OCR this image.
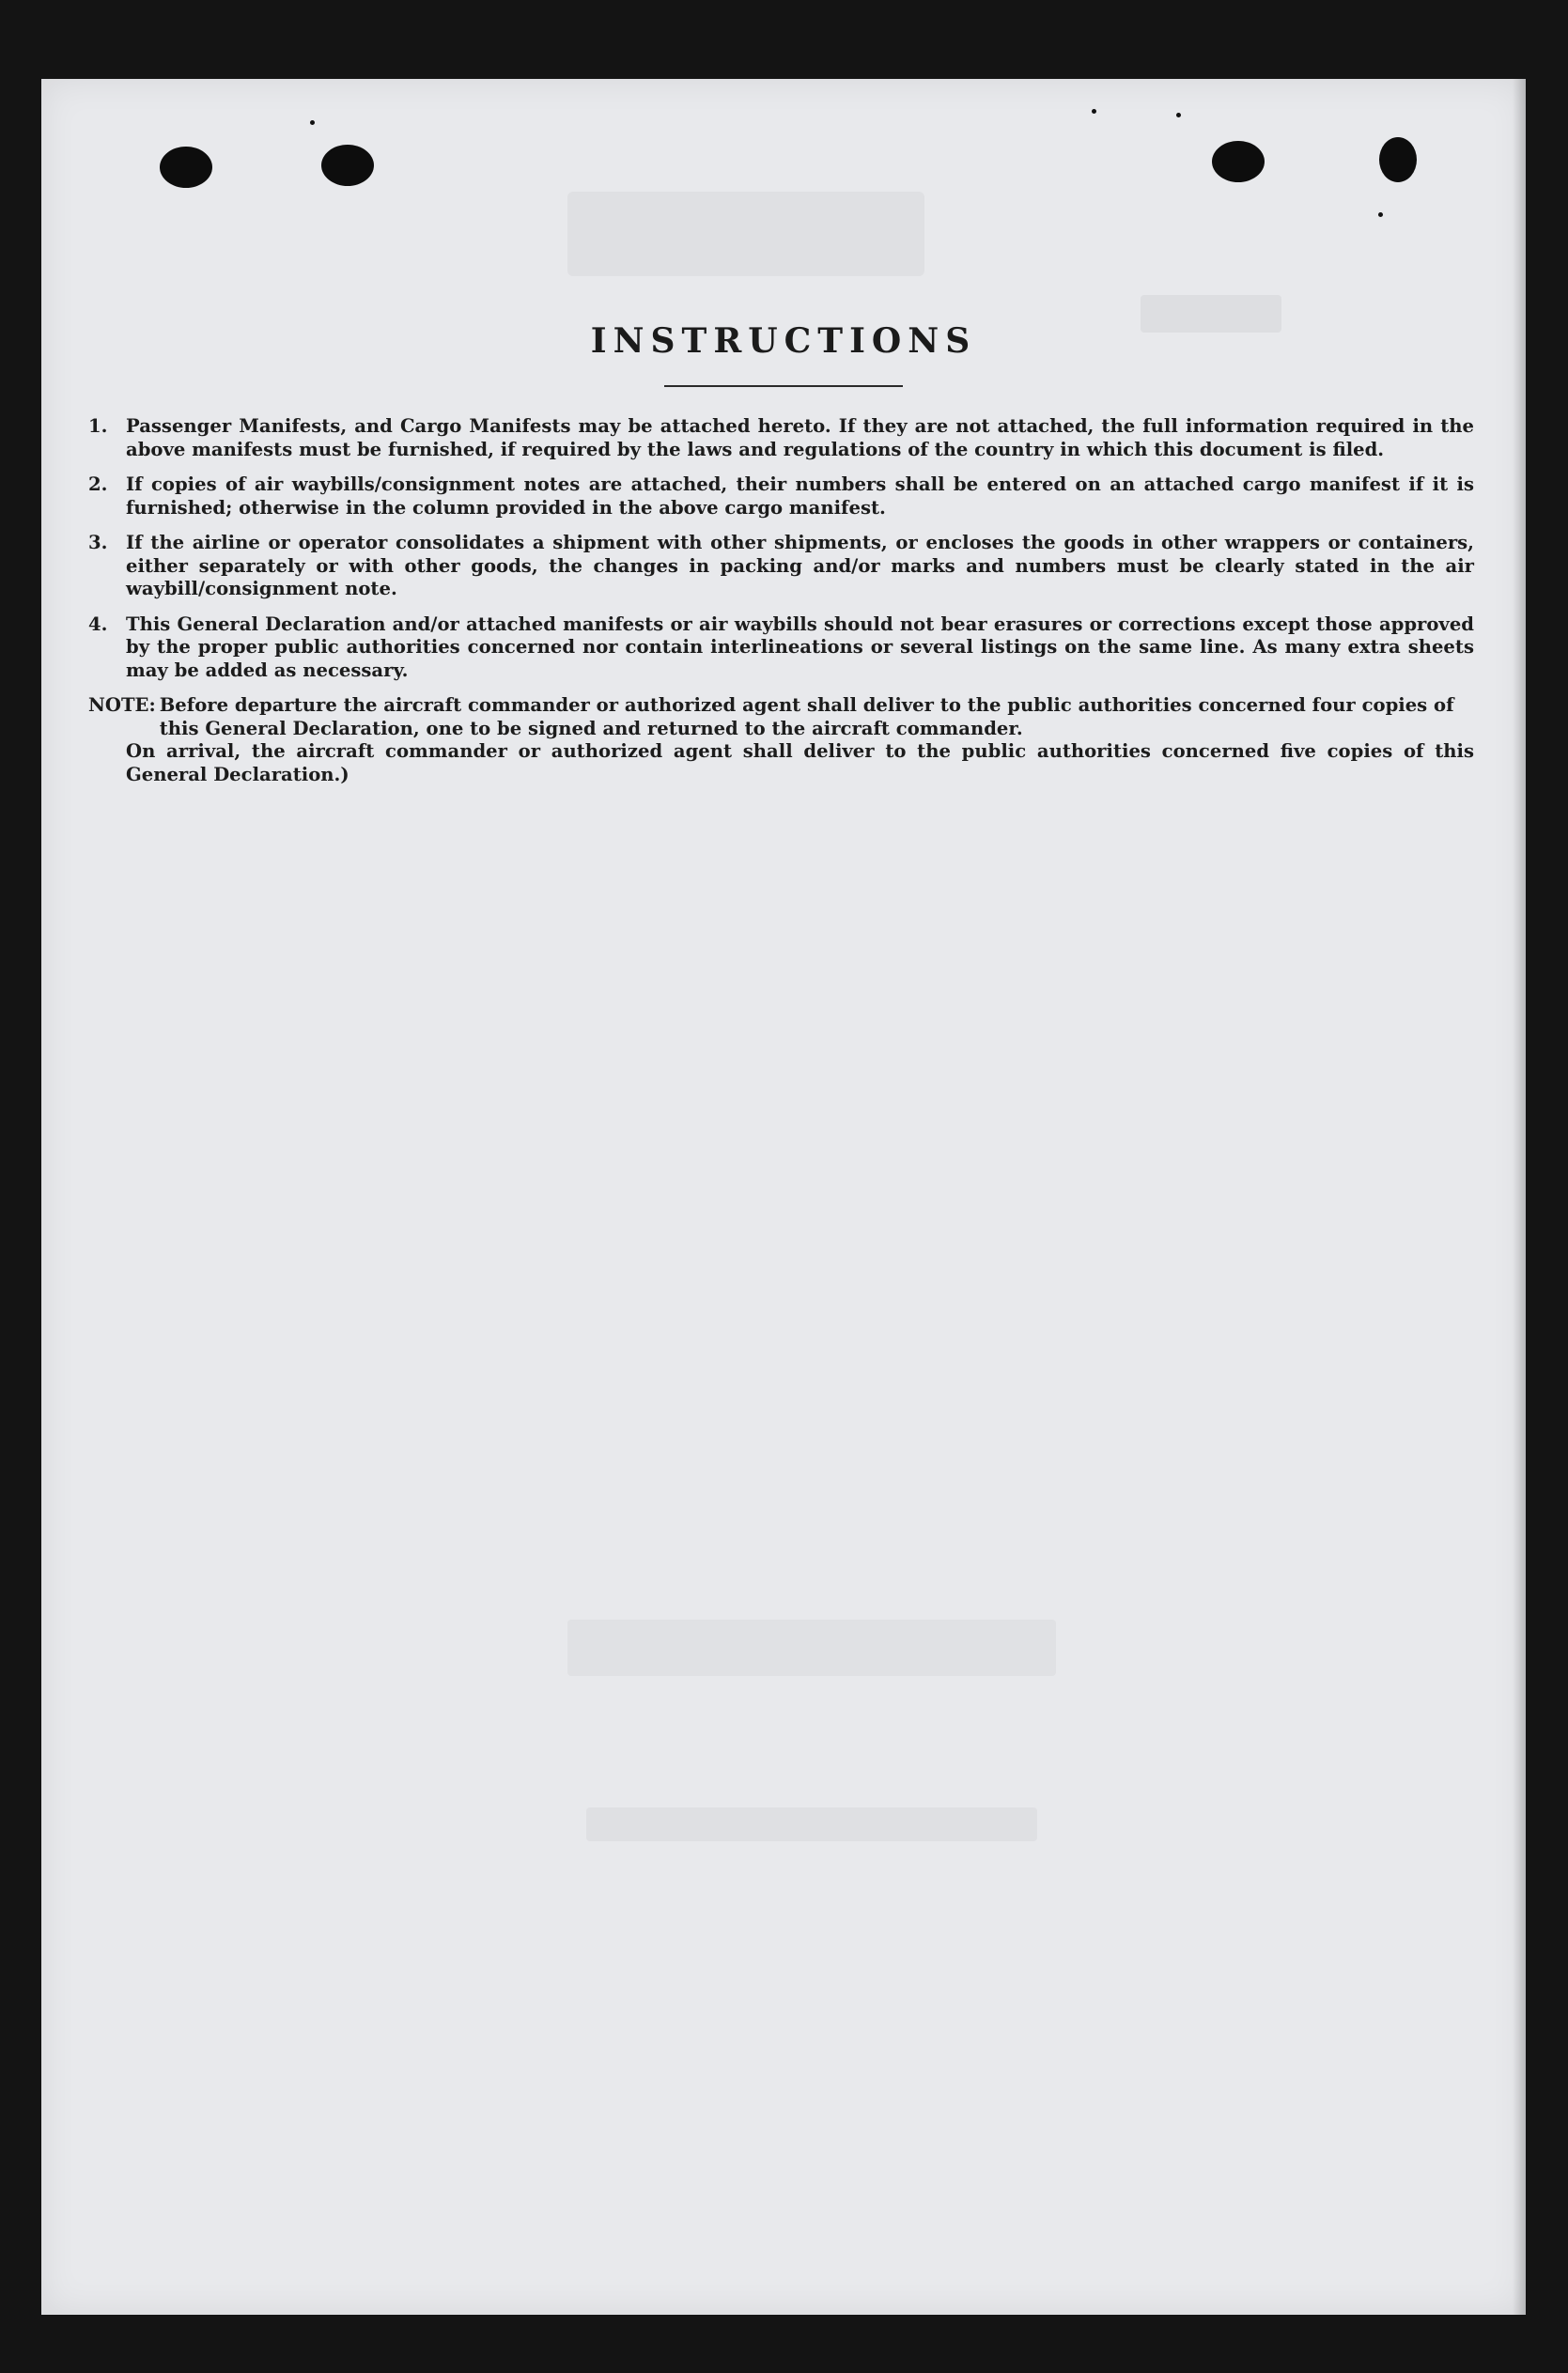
INSTRUCTIONS
1. Passenger Manifests, and Cargo Manifests may be attached hereto. If they are not attached, the full information required in the above manifests must be furnished, if required by the laws and regulations of the country in which this document is filed.
2. If copies of air waybills/consignment notes are attached, their numbers shall be entered on an attached cargo manifest if it is furnished; otherwise in the column provided in the above cargo manifest.
3. If the airline or operator consolidates a shipment with other shipments, or encloses the goods in other wrappers or containers, either separately or with other goods, the changes in packing and/or marks and numbers must be clearly stated in the air waybill/consignment note.
4. This General Declaration and/or attached manifests or air waybills should not bear erasures or corrections except those approved by the proper public authorities concerned nor contain interlineations or several listings on the same line. As many extra sheets may be added as necessary.
NOTE: Before departure the aircraft commander or authorized agent shall deliver to the public authorities concerned four copies of this General Declaration, one to be signed and returned to the aircraft commander.
On arrival, the aircraft commander or authorized agent shall deliver to the public authorities concerned five copies of this General Declaration.)
